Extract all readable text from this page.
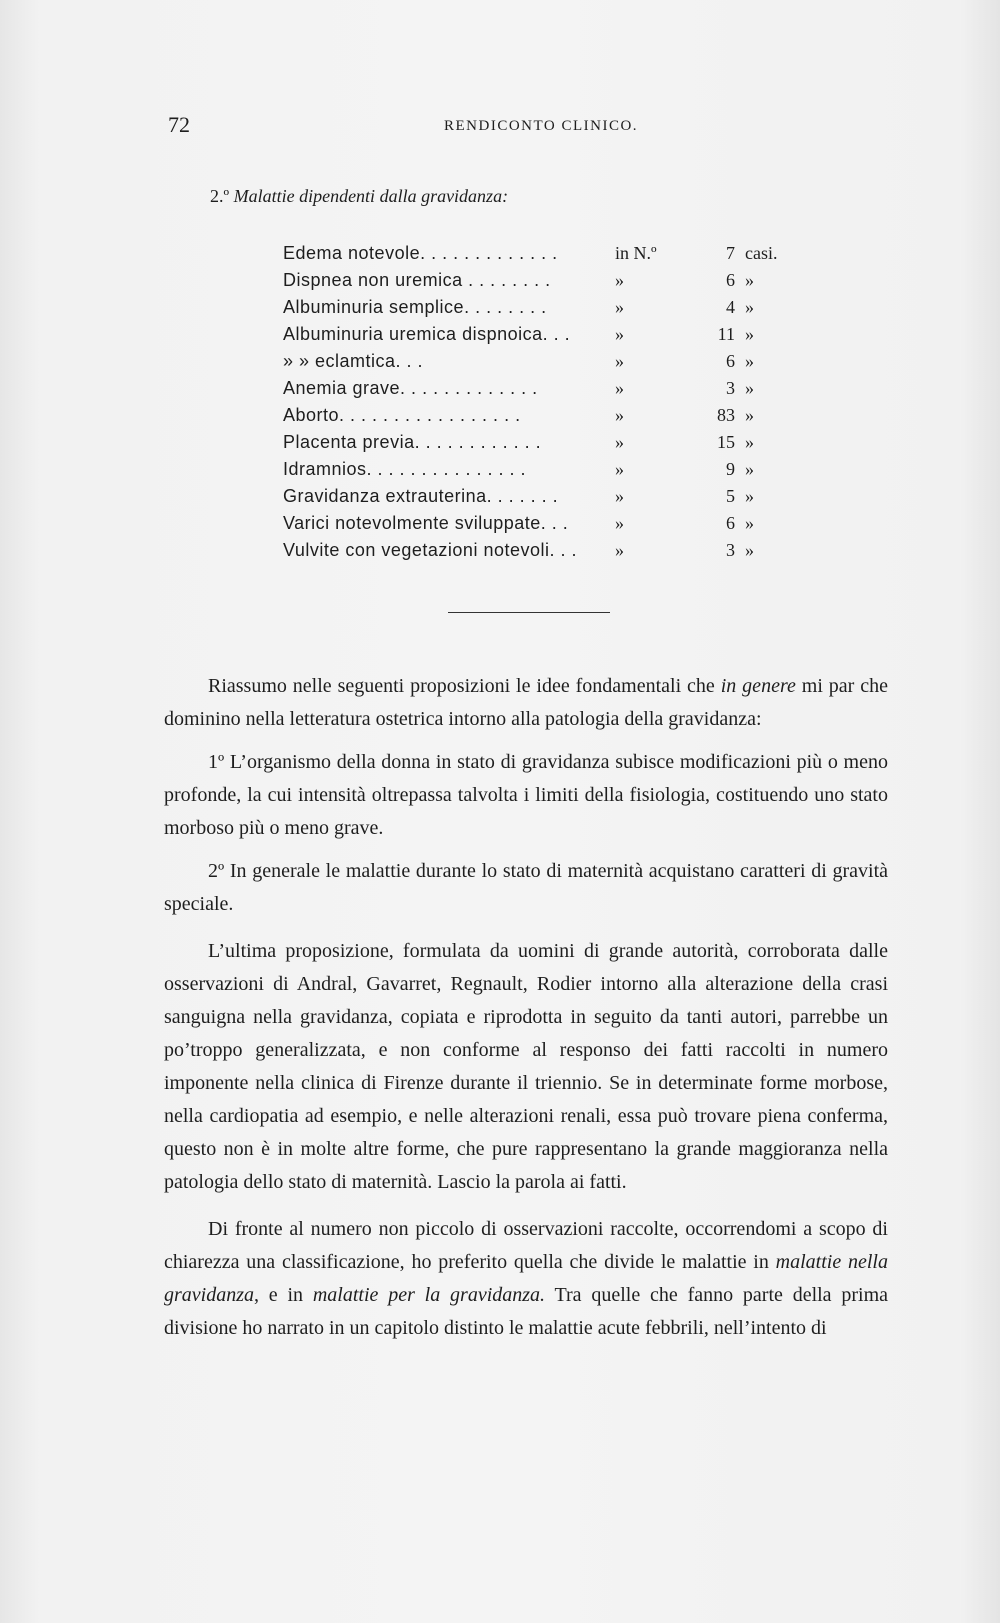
72	RENDICONTO CLINICO.
2.º Malattie dipendenti dalla gravidanza:
Edema notevole. . . . . . . . . . . . .	in N.º	7 casi.
Dispnea non uremica . . . . . . . .	»	6 »
Albuminuria semplice. . . . . . . .	»	4 »
Albuminuria uremica dispnoica. . .	»	11 »
» » eclamtica. . .	»	6 »
Anemia grave. . . . . . . . . . . . .	»	3 »
Aborto. . . . . . . . . . . . . . . . .	»	83 »
Placenta previa. . . . . . . . . . . .	»	15 »
Idramnios. . . . . . . . . . . . . . .	»	9 »
Gravidanza extrauterina. . . . . . .	»	5 »
Varici notevolmente sviluppate. . .	»	6 »
Vulvite con vegetazioni notevoli. . .	»	3 »

Riassumo nelle seguenti proposizioni le idee fondamentali che in genere mi par che dominino nella letteratura ostetrica intorno alla patologia della gravidanza:

1º L’organismo della donna in stato di gravidanza subisce modificazioni più o meno profonde, la cui intensità oltrepassa talvolta i limiti della fisiologia, costituendo uno stato morboso più o meno grave.

2º In generale le malattie durante lo stato di maternità acquistano caratteri di gravità speciale.

L’ultima proposizione, formulata da uomini di grande autorità, corroborata dalle osservazioni di Andral, Gavarret, Regnault, Rodier intorno alla alterazione della crasi sanguigna nella gravidanza, copiata e riprodotta in seguito da tanti autori, parrebbe un po’troppo generalizzata, e non conforme al responso dei fatti raccolti in numero imponente nella clinica di Firenze durante il triennio. Se in determinate forme morbose, nella cardiopatia ad esempio, e nelle alterazioni renali, essa può trovare piena conferma, questo non è in molte altre forme, che pure rappresentano la grande maggioranza nella patologia dello stato di maternità. Lascio la parola ai fatti.

Di fronte al numero non piccolo di osservazioni raccolte, occorrendomi a scopo di chiarezza una classificazione, ho preferito quella che divide le malattie in malattie nella gravidanza, e in malattie per la gravidanza. Tra quelle che fanno parte della prima divisione ho narrato in un capitolo distinto le malattie acute febbrili, nell’intento di
